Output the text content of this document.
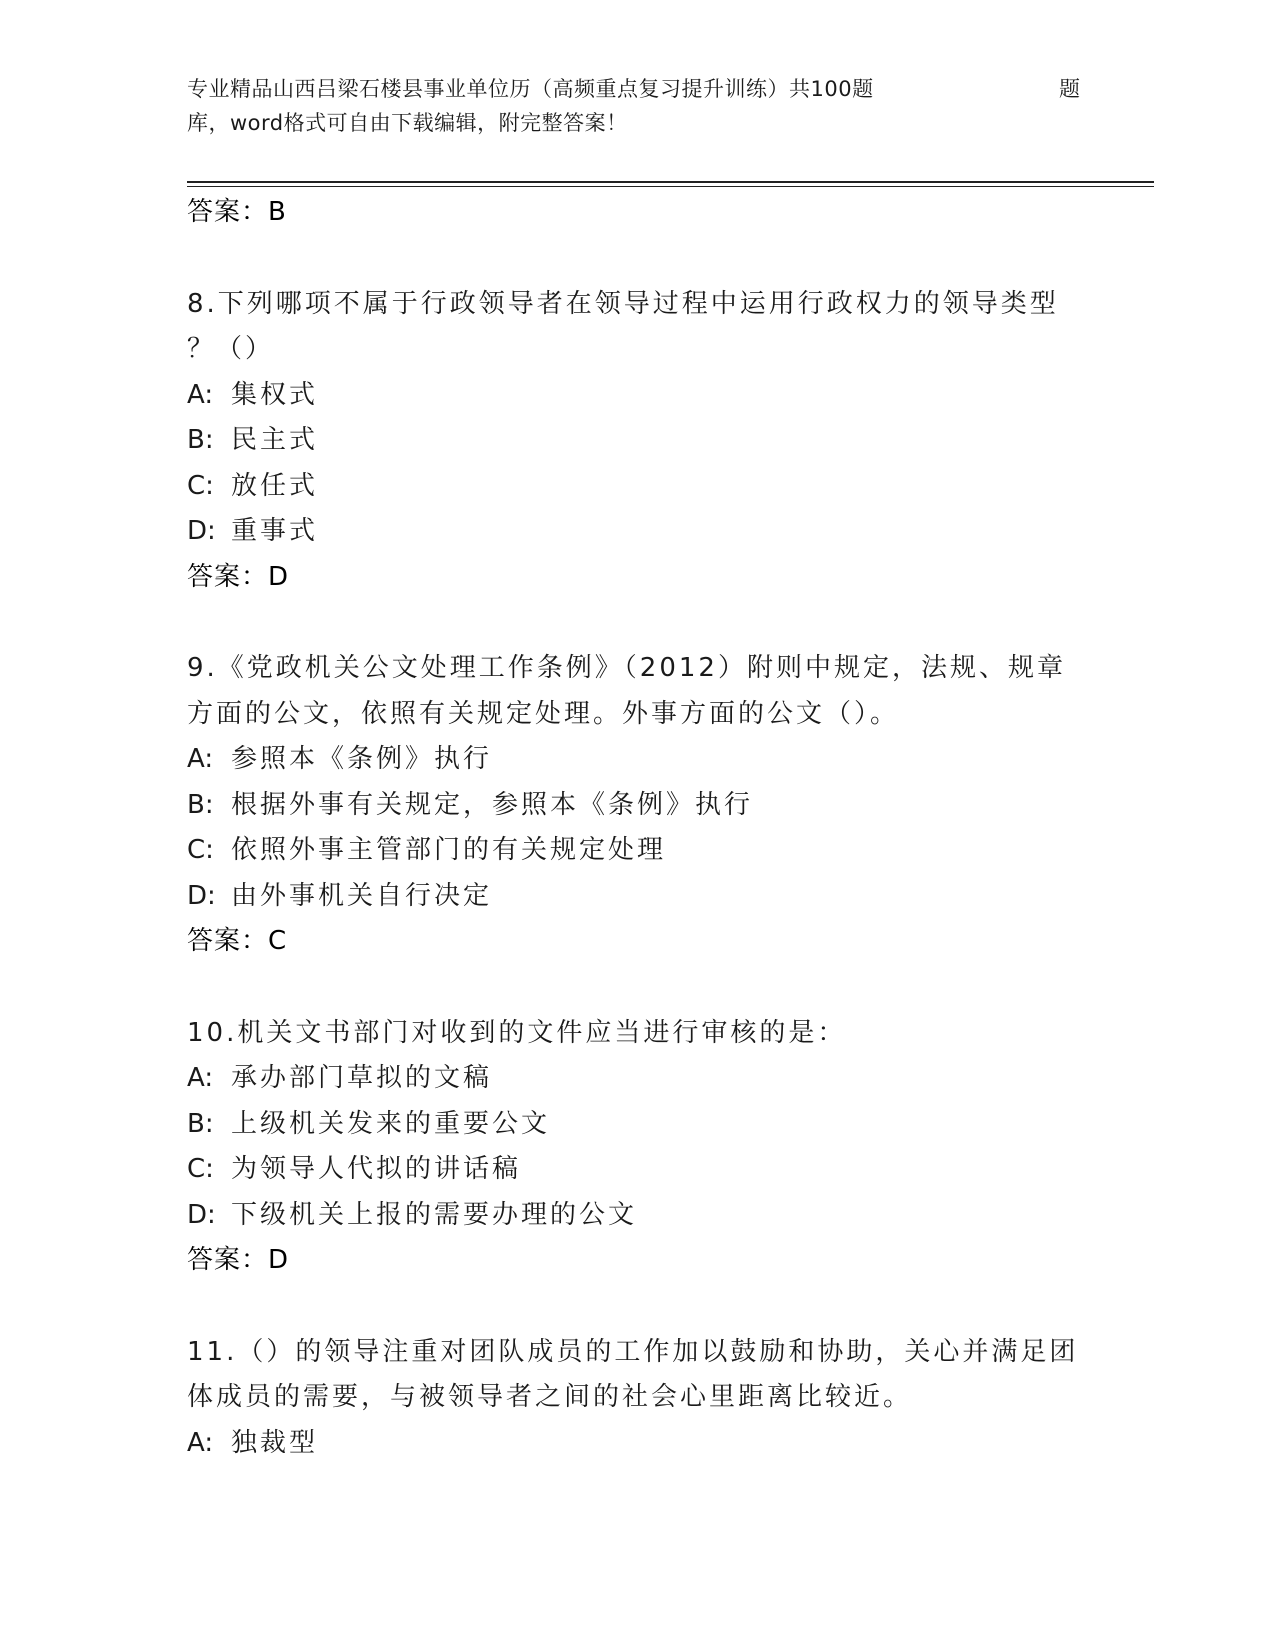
专业精品山西吕梁石楼县事业单位历（高频重点复习提升训练）共100题	题
库，word格式可自由下载编辑，附完整答案！
答案：B
8.下列哪项不属于行政领导者在领导过程中运用行政权力的领导类型
？（）
A: 集权式
B: 民主式
C: 放任式
D: 重事式
答案：D
9.《党政机关公文处理工作条例》（2012）附则中规定，法规、规章
方面的公文，依照有关规定处理。外事方面的公文（）。
A: 参照本《条例》执行
B: 根据外事有关规定，参照本《条例》执行
C: 依照外事主管部门的有关规定处理
D: 由外事机关自行决定
答案：C
10.机关文书部门对收到的文件应当进行审核的是：
A: 承办部门草拟的文稿
B: 上级机关发来的重要公文
C: 为领导人代拟的讲话稿
D: 下级机关上报的需要办理的公文
答案：D
11.（）的领导注重对团队成员的工作加以鼓励和协助，关心并满足团
体成员的需要，与被领导者之间的社会心里距离比较近。
A: 独裁型
